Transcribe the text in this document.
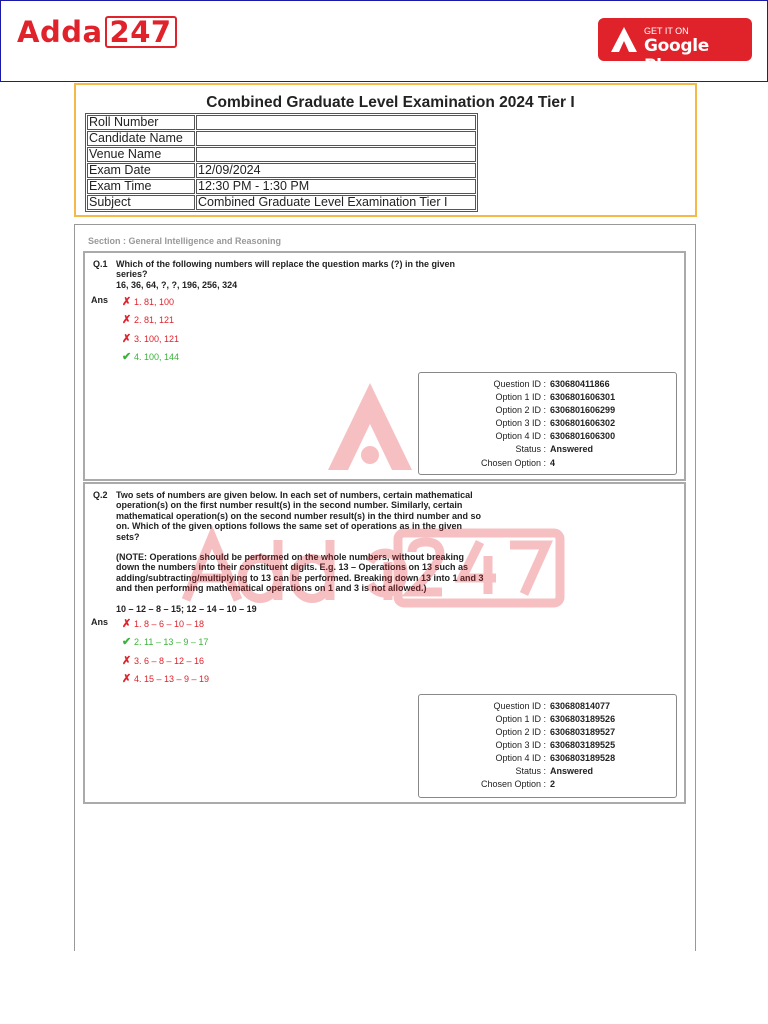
Adda 247	GET IT ON
Google Play
Combined Graduate Level Examination 2024 Tier I
Roll Number	
Candidate Name	
Venue Name	
Exam Date	12/09/2024
Exam Time	12:30 PM - 1:30 PM
Subject	Combined Graduate Level Examination Tier I
Section : General Intelligence and Reasoning
Q.1 Which of the following numbers will replace the question marks (?) in the given

series?

16, 36, 64, ?, ?, 196, 256, 324

Ans ✗ 1. 81, 100
✗ 2. 81, 121
✗ 3. 100, 121
✔ 4. 100, 144
Question ID : 630680411866
Option 1 ID : 6306801606301
Option 2 ID : 6306801606299
Option 3 ID : 6306801606302
Option 4 ID : 6306801606300
Status : Answered
Chosen Option : 4
Q.2 Two sets of numbers are given below. In each set of numbers, certain mathematical

operation(s) on the first number result(s) in the second number. Similarly, certain

mathematical operation(s) on the second number result(s) in the third number and so

on. Which of the given options follows the same set of operations as in the given

sets?

(NOTE: Operations should be performed on the whole numbers, without breaking

down the numbers into their constituent digits. E.g. 13 – Operations on 13 such as

adding/subtracting/multiplying to 13 can be performed. Breaking down 13 into 1 and 3

and then performing mathematical operations on 1 and 3 is not allowed.)

10 – 12 – 8 – 15; 12 – 14 – 10 – 19

Ans ✗ 1. 8 – 6 – 10 – 18
✔ 2. 11 – 13 – 9 – 17
✗ 3. 6 – 8 – 12 – 16
✗ 4. 15 – 13 – 9 – 19
Question ID : 630680814077
Option 1 ID : 6306803189526
Option 2 ID : 6306803189527
Option 3 ID : 6306803189525
Option 4 ID : 6306803189528
Status : Answered
Chosen Option : 2
